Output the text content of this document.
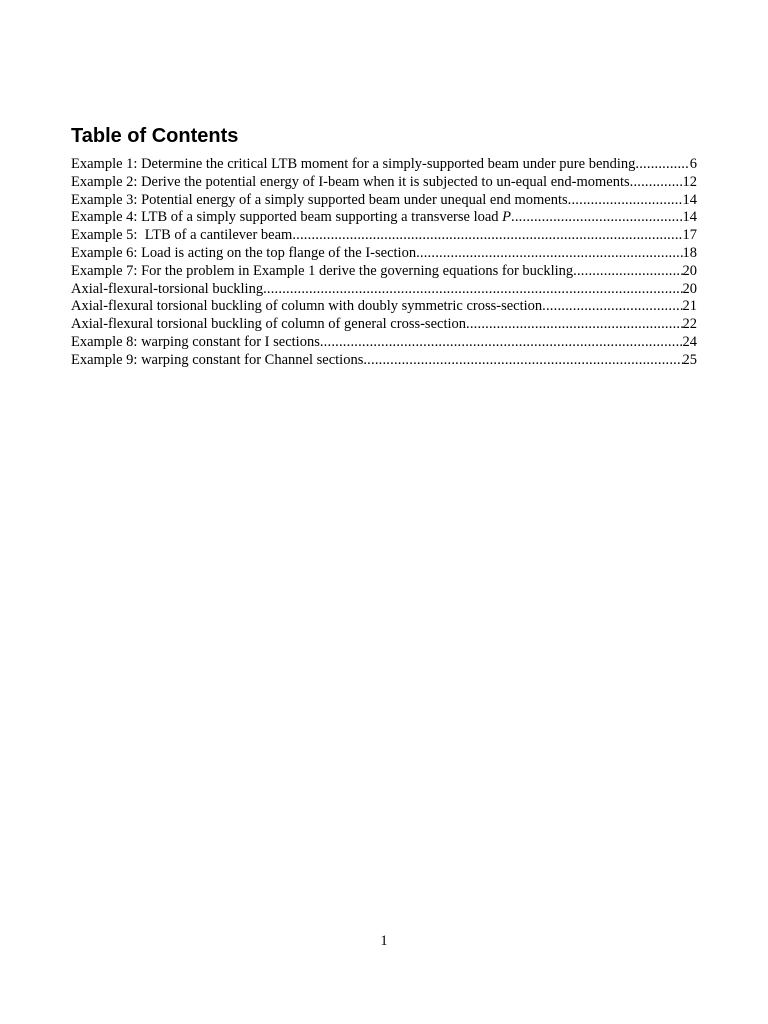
Table of Contents
Example 1: Determine the critical LTB moment for a simply-supported beam under pure bending .....	6
Example 2: Derive the potential energy of I-beam when it is subjected to un-equal end-moments .....	12
Example 3: Potential energy of a simply supported beam under unequal end moments .....	14
Example 4: LTB of a simply supported beam supporting a transverse load P .....	14
Example 5:  LTB of a cantilever beam .....	17
Example 6: Load is acting on the top flange of the I-section .....	18
Example 7: For the problem in Example 1 derive the governing equations for buckling .....	20
Axial-flexural-torsional buckling .....	20
Axial-flexural torsional buckling of column with doubly symmetric cross-section .....	21
Axial-flexural torsional buckling of column of general cross-section .....	22
Example 8: warping constant for I sections .....	24
Example 9: warping constant for Channel sections .....	25
1
